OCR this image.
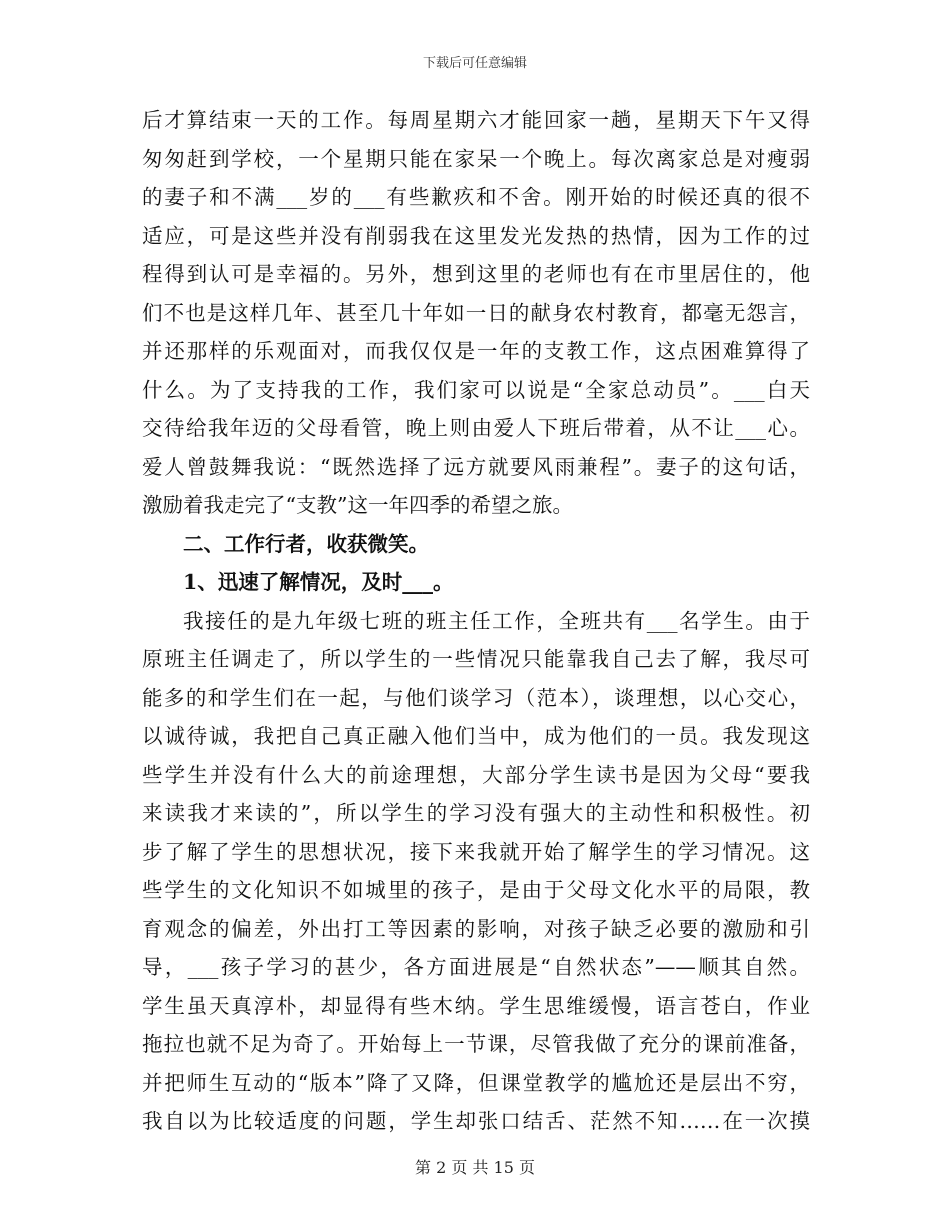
下载后可任意编辑
后才算结束一天的工作。每周星期六才能回家一趟，星期天下午又得
匆匆赶到学校，一个星期只能在家呆一个晚上。每次离家总是对瘦弱
的妻子和不满___岁的___有些歉疚和不舍。刚开始的时候还真的很不
适应，可是这些并没有削弱我在这里发光发热的热情，因为工作的过
程得到认可是幸福的。另外，想到这里的老师也有在市里居住的，他
们不也是这样几年、甚至几十年如一日的献身农村教育，都毫无怨言，
并还那样的乐观面对，而我仅仅是一年的支教工作，这点困难算得了
什么。为了支持我的工作，我们家可以说是“全家总动员”。___白天
交待给我年迈的父母看管，晚上则由爱人下班后带着，从不让___心。
爱人曾鼓舞我说：“既然选择了远方就要风雨兼程”。妻子的这句话，
激励着我走完了“支教”这一年四季的希望之旅。
二、工作行者，收获微笑。
1、迅速了解情况，及时___。
我接任的是九年级七班的班主任工作，全班共有___名学生。由于
原班主任调走了，所以学生的一些情况只能靠我自己去了解，我尽可
能多的和学生们在一起，与他们谈学习（范本），谈理想，以心交心，
以诚待诚，我把自己真正融入他们当中，成为他们的一员。我发现这
些学生并没有什么大的前途理想，大部分学生读书是因为父母“要我
来读我才来读的”，所以学生的学习没有强大的主动性和积极性。初
步了解了学生的思想状况，接下来我就开始了解学生的学习情况。这
些学生的文化知识不如城里的孩子，是由于父母文化水平的局限，教
育观念的偏差，外出打工等因素的影响，对孩子缺乏必要的激励和引
导，___孩子学习的甚少，各方面进展是“自然状态”——顺其自然。
学生虽天真淳朴，却显得有些木纳。学生思维缓慢，语言苍白，作业
拖拉也就不足为奇了。开始每上一节课，尽管我做了充分的课前准备，
并把师生互动的“版本”降了又降，但课堂教学的尴尬还是层出不穷，
我自以为比较适度的问题，学生却张口结舌、茫然不知……在一次摸
第 2 页 共 15 页
